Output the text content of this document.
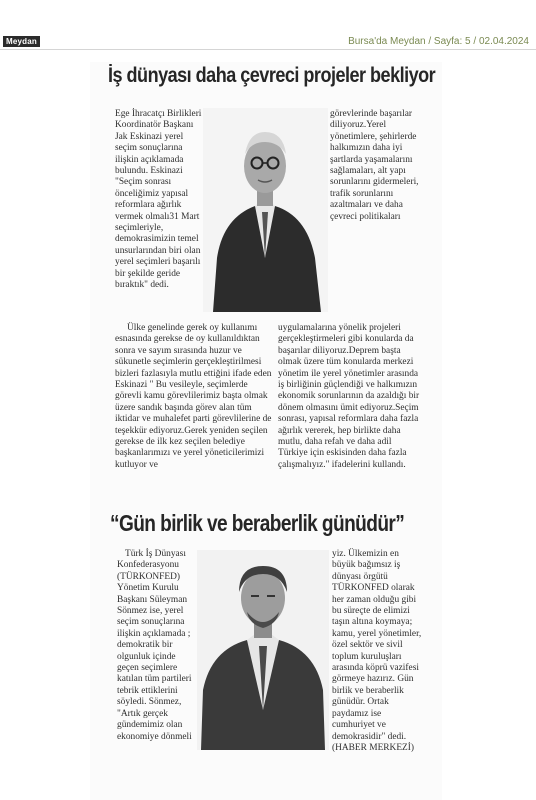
Meydan	Bursa'da Meydan / Sayfa: 5 / 02.04.2024
İş dünyası daha çevreci projeler bekliyor

Ege İhracatçı Birlikleri Koordinatör Başkanı Jak Eskinazi yerel seçim sonuçlarına ilişkin açıklamada bulundu. Eskinazi "Seçim sonrası önceliğimiz yapısal reformlara ağırlık vermek olmalı31 Mart seçimleriyle, demokrasimizin temel unsurlarından biri olan yerel seçimleri başarılı bir şekilde geride bıraktık" dedi.

görevlerinde başarılar diliyoruz.Yerel yönetimlere, şehirlerde halkımızın daha iyi şartlarda yaşamalarını sağlamaları, alt yapı sorunlarını gidermeleri, trafik sorunlarını azaltmaları ve daha çevreci politikaları

Ülke genelinde gerek oy kullanımı esnasında gerekse de oy kullanıldıktan sonra ve sayım sırasında huzur ve sükunetle seçimlerin gerçekleştirilmesi bizleri fazlasıyla mutlu ettiğini ifade eden Eskinazi " Bu vesileyle, seçimlerde görevli kamu görevlilerimiz başta olmak üzere sandık başında görev alan tüm iktidar ve muhalefet parti görevlilerine de teşekkür ediyoruz.Gerek yeniden seçilen gerekse de ilk kez seçilen belediye başkanlarımızı ve yerel yöneticilerimizi kutluyor ve

uygulamalarına yönelik projeleri gerçekleştirmeleri gibi konularda da başarılar diliyoruz.Deprem başta olmak üzere tüm konularda merkezi yönetim ile yerel yönetimler arasında iş birliğinin güçlendiği ve halkımızın ekonomik sorunlarının da azaldığı bir dönem olmasını ümit ediyoruz.Seçim sonrası, yapısal reformlara daha fazla ağırlık vererek, hep birlikte daha mutlu, daha refah ve daha adil Türkiye için eskisinden daha fazla çalışmalıyız." ifadelerini kullandı.

“Gün birlik ve beraberlik günüdür”

Türk İş Dünyası Konfederasyonu (TÜRKONFED) Yönetim Kurulu Başkanı Süleyman Sönmez ise, yerel seçim sonuçlarına ilişkin açıklamada ; demokratik bir olgunluk içinde geçen seçimlere katılan tüm partileri tebrik ettiklerini söyledi. Sönmez, "Artık gerçek gündemimiz olan ekonomiye dönmeli

yiz. Ülkemizin en büyük bağımsız iş dünyası örgütü TÜRKONFED olarak her zaman olduğu gibi bu süreçte de elimizi taşın altına koymaya; kamu, yerel yönetimler, özel sektör ve sivil toplum kuruluşları arasında köprü vazifesi görmeye hazırız. Gün birlik ve beraberlik günüdür. Ortak paydamız ise cumhuriyet ve demokrasidir" dedi. (HABER MERKEZİ)
